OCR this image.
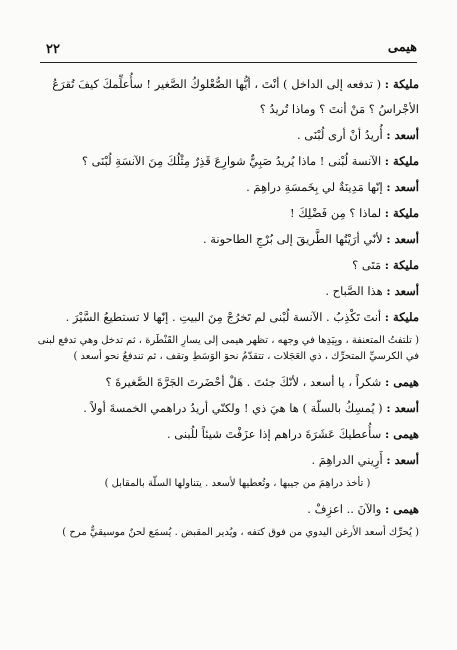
٢٢	هيمى
مليكة : ( تدفعه إلى الداخل ) أنْتَ ، أيُّها الصُّعْلوكُ الصَّغير ! سأُعلِّمكَ كيفَ تُقرَعُ الأجْراسُ ؟ مَنْ أنتَ ؟ وماذا تُريدُ ؟
أسعد : أُريدُ أنْ أرى لُبْنَى .
مليكة : الآنسة لُبْنى ! ماذا يُريدُ صَبِيٌّ شوارِعَ قَذِرٌ مِثْلُكَ مِنَ الآنسَةِ لُبْنَى ؟
أسعد : إنّها مَدِينَةٌ لي بِخَمسَةِ دراهِمَ .
مليكة : لماذا ؟ مِن فَضْلِكَ !
أسعد : لأنّي أرَيْتُها الطَّريقَ إلى بُرْجِ الطاحونة .
مليكة : مَتَى ؟
أسعد : هذا الصَّباح .
مليكة : أنتَ تَكْذِبُ . الآنسة لُبْنى لم تَخرُجْ مِنَ البيتِ . إنّها لا تستطيعُ السَّيْرَ .
( تلتفتُ المتعنفة ، وبِيَدِها في وجهه ، تظهر هيمى إلى يسارِ القَنْطَرة ، ثم تدخل وهي تدفع لبنى في الكرسيِّ المتحرِّك ، ذي العَجَلات ، تتقدّمُ نحوَ الوَسَطِ وتقف ، ثم تندفعُ نحو أسعد )
هيمى : شكراً ، يا أسعد ، لأنّكَ جئتَ . هَلْ أحْضَرتَ الجَرَّةَ الصَّغيرةَ ؟
أسعد : ( يُمسِكُ بالسلّة ) ها هيَ ذي ! ولكنّي أريدُ دراهمي الخمسةَ أولاً .
هيمى : سأُعطيكَ عَشَرَةَ دراهم إذا عزَفْتَ شيئاً للُبنى .
أسعد : أَرِيني الدراهِمَ .
( تأخذ دراهِمَ من جيبها ، وتُعطيها لأسعد . يتناولها السلّة بالمقابل )
هيمى : والآنَ .. اعزِفْ .
( يُحرِّك أسعد الأرغن اليدوي من فوق كتفه ، ويُدير المقبض . يُسمَع لحنٌ موسيقيٌّ مرح )
